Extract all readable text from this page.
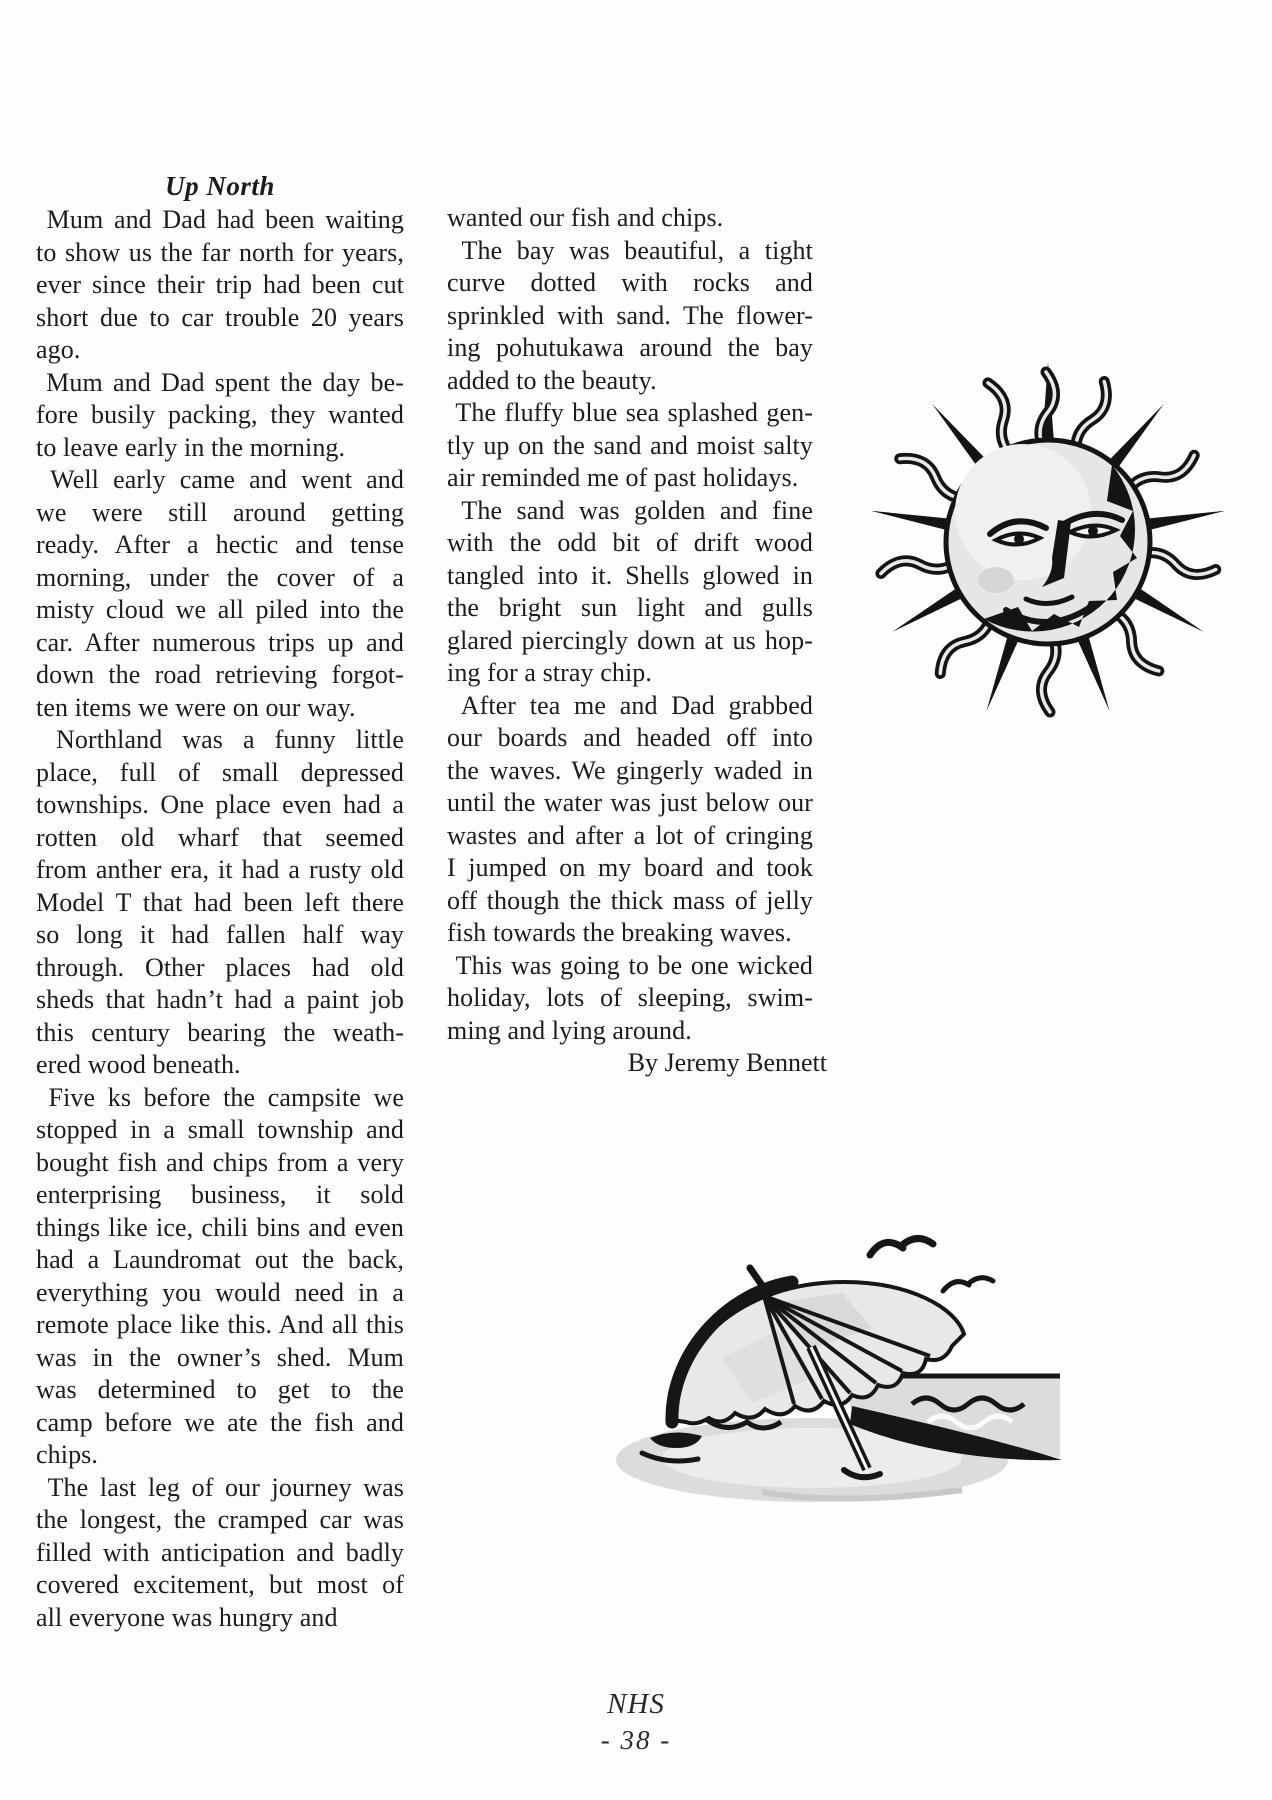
Up North

Mum and Dad had been waiting
to show us the far north for years,
ever since their trip had been cut
short due to car trouble 20 years
ago.

Mum and Dad spent the day be-
fore busily packing, they wanted
to leave early in the morning.

Well early came and went and
we were still around getting
ready. After a hectic and tense
morning, under the cover of a
misty cloud we all piled into the
car. After numerous trips up and
down the road retrieving forgot-
ten items we were on our way.

Northland was a funny little
place, full of small depressed
townships. One place even had a
rotten old wharf that seemed
from anther era, it had a rusty old
Model T that had been left there
so long it had fallen half way
through. Other places had old
sheds that hadn’t had a paint job
this century bearing the weath-
ered wood beneath.

Five ks before the campsite we
stopped in a small township and
bought fish and chips from a very
enterprising business, it sold
things like ice, chili bins and even
had a Laundromat out the back,
everything you would need in a
remote place like this. And all this
was in the owner’s shed. Mum
was determined to get to the
camp before we ate the fish and
chips.

The last leg of our journey was
the longest, the cramped car was
filled with anticipation and badly
covered excitement, but most of
all everyone was hungry and

wanted our fish and chips.

The bay was beautiful, a tight
curve dotted with rocks and
sprinkled with sand. The flower-
ing pohutukawa around the bay
added to the beauty.

The fluffy blue sea splashed gen-
tly up on the sand and moist salty
air reminded me of past holidays.

The sand was golden and fine
with the odd bit of drift wood
tangled into it. Shells glowed in
the bright sun light and gulls
glared piercingly down at us hop-
ing for a stray chip.

After tea me and Dad grabbed
our boards and headed off into
the waves. We gingerly waded in
until the water was just below our
wastes and after a lot of cringing
I jumped on my board and took
off though the thick mass of jelly
fish towards the breaking waves.

This was going to be one wicked
holiday, lots of sleeping, swim-
ming and lying around.

By Jeremy Bennett
NHS
- 38 -
